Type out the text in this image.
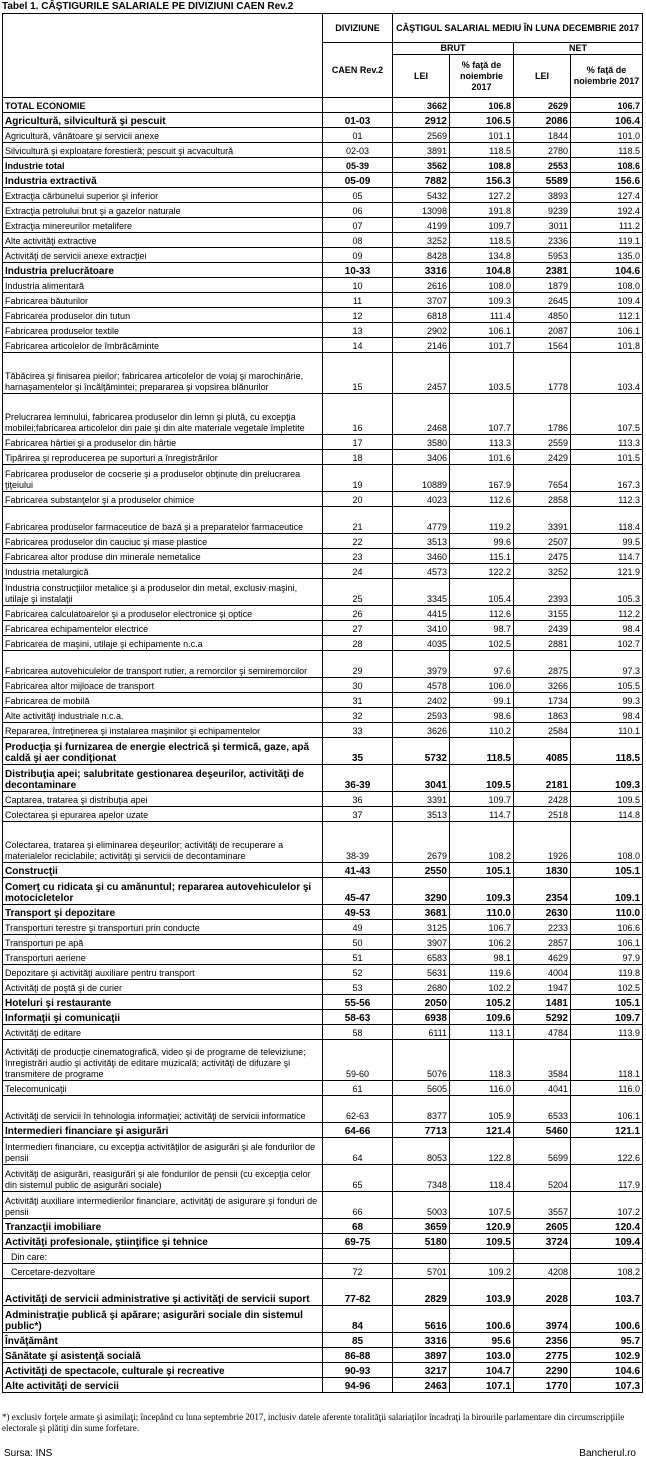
Tabel 1. CÂŞTIGURILE SALARIALE PE DIVIZIUNI CAEN Rev.2
	DIVIZIUNE	CÂŞTIGUL SALARIAL MEDIU ÎN LUNA DECEMBRIE 2017			
	CAEN Rev.2	BRUT		NET	
		LEI	% faţă de noiembrie 2017	LEI	% faţă de noiembrie 2017
TOTAL ECONOMIE		3662	106.8	2629	106.7
Agricultură, silvicultură şi pescuit	01-03	2912	106.5	2086	106.4
Agricultură, vânătoare şi servicii anexe	01	2569	101.1	1844	101.0
Silvicultură şi exploatare forestieră; pescuit şi acvacultură	02-03	3891	118.5	2780	118.5
Industrie total	05-39	3562	108.8	2553	108.6
Industria extractivă	05-09	7882	156.3	5589	156.6
Extracţia cărbunelui superior şi inferior	05	5432	127.2	3893	127.4
Extracţia petrolului brut şi a gazelor naturale	06	13098	191.8	9239	192.4
Extracţia minereurilor metalifere	07	4199	109.7	3011	111.2
Alte activităţi extractive	08	3252	118.5	2336	119.1
Activităţi de servicii anexe extracţiei	09	8428	134.8	5953	135.0
Industria prelucrătoare	10-33	3316	104.8	2381	104.6
Industria alimentară	10	2616	108.0	1879	108.0
Fabricarea băuturilor	11	3707	109.3	2645	109.4
Fabricarea produselor din tutun	12	6818	111.4	4850	112.1
Fabricarea produselor textile	13	2902	106.1	2087	106.1
Fabricarea articolelor de îmbrăcăminte	14	2146	101.7	1564	101.8
Tăbăcirea şi finisarea pieilor; fabricarea articolelor de voiaj şi marochinărie, harnaşamentelor şi încălţămintei; prepararea şi vopsirea blănurilor	15	2457	103.5	1778	103.4
Prelucrarea lemnului, fabricarea produselor din lemn şi plută, cu excepţia mobilei;fabricarea articolelor din paie şi din alte materiale vegetale împletite	16	2468	107.7	1786	107.5
Fabricarea hârtiei şi a produselor din hârtie	17	3580	113.3	2559	113.3
Tipărirea şi reproducerea pe suporturi a înregistrărilor	18	3406	101.6	2429	101.5
Fabricarea produselor de cocserie şi a produselor obţinute din prelucrarea ţiţeiului	19	10889	167.9	7654	167.3
Fabricarea substanţelor şi a produselor chimice	20	4023	112.6	2858	112.3
Fabricarea produselor farmaceutice de bază şi a preparatelor farmaceutice	21	4779	119.2	3391	118.4
Fabricarea produselor din cauciuc şi mase plastice	22	3513	99.6	2507	99.5
Fabricarea altor produse din minerale nemetalice	23	3460	115.1	2475	114.7
Industria metalurgică	24	4573	122.2	3252	121.9
Industria construcţiilor metalice şi a produselor din metal, exclusiv maşini, utilaje şi instalaţii	25	3345	105.4	2393	105.3
Fabricarea calculatoarelor şi a produselor electronice şi optice	26	4415	112.6	3155	112.2
Fabricarea echipamentelor electrice	27	3410	98.7	2439	98.4
Fabricarea de maşini, utilaje şi echipamente n.c.a	28	4035	102.5	2881	102.7
Fabricarea autovehiculelor de transport rutier, a remorcilor şi semiremorcilor	29	3979	97.6	2875	97.3
Fabricarea altor mijloace de transport	30	4578	106.0	3266	105.5
Fabricarea de mobilă	31	2402	99.1	1734	99.3
Alte activităţi industriale n.c.a.	32	2593	98.6	1863	98.4
Repararea, întreţinerea şi instalarea maşinilor şi echipamentelor	33	3626	110.2	2584	110.1
Producţia şi furnizarea de energie electrică şi termică, gaze, apă caldă şi aer condiţionat	35	5732	118.5	4085	118.5
Distribuţia apei; salubritate gestionarea deşeurilor, activităţi de decontaminare	36-39	3041	109.5	2181	109.3
Captarea, tratarea şi distribuţia apei	36	3391	109.7	2428	109.5
Colectarea şi epurarea apelor uzate	37	3513	114.7	2518	114.8
Colectarea, tratarea şi eliminarea deşeurilor; activităţi de recuperare a materialelor reciclabile; activităţi şi servicii de decontaminare	38-39	2679	108.2	1926	108.0
Construcţii	41-43	2550	105.1	1830	105.1
Comerţ cu ridicata şi cu amănuntul; repararea autovehiculelor şi motocicletelor	45-47	3290	109.3	2354	109.1
Transport şi depozitare	49-53	3681	110.0	2630	110.0
Transporturi terestre şi transporturi prin conducte	49	3125	106.7	2233	106.6
Transporturi pe apă	50	3907	106.2	2857	106.1
Transporturi aeriene	51	6583	98.1	4629	97.9
Depozitare şi activităţi auxiliare pentru transport	52	5631	119.6	4004	119.8
Activităţi de poştă şi de curier	53	2680	102.2	1947	102.5
Hoteluri şi restaurante	55-56	2050	105.2	1481	105.1
Informaţii şi comunicaţii	58-63	6938	109.6	5292	109.7
Activităţi de editare	58	6111	113.1	4784	113.9
Activităţi de producţie cinematografică, video şi de programe de televiziune; înregistrări audio şi activităţi de editare muzicală; activităţi de difuzare şi transmitere de programe	59-60	5076	118.3	3584	118.1
Telecomunicaţii	61	5605	116.0	4041	116.0
Activităţi de servicii în tehnologia informaţiei; activităţi de servicii informatice	62-63	8377	105.9	6533	106.1
Intermedieri financiare şi asigurări	64-66	7713	121.4	5460	121.1
Intermedieri financiare, cu excepţia activităţilor de asigurări şi ale fondurilor de pensii	64	8053	122.8	5699	122.6
Activităţi de asigurări, reasigurări şi ale fondurilor de pensii (cu excepţia celor din sistemul public de asigurări sociale)	65	7348	118.4	5204	117.9
Activităţi auxiliare intermedierilor financiare, activităţi de asigurare şi fonduri de pensii	66	5003	107.5	3557	107.2
Tranzacţii imobiliare	68	3659	120.9	2605	120.4
Activităţi profesionale, ştiinţifice şi tehnice	69-75	5180	109.5	3724	109.4
Din care:					
Cercetare-dezvoltare	72	5701	109.2	4208	108.2
Activităţi de servicii administrative şi activităţi de servicii suport	77-82	2829	103.9	2028	103.7
Administraţie publică şi apărare; asigurări sociale din sistemul public*)	84	5616	100.6	3974	100.6
Învăţământ	85	3316	95.6	2356	95.7
Sănătate şi asistenţă socială	86-88	3897	103.0	2775	102.9
Activităţi de spectacole, culturale şi recreative	90-93	3217	104.7	2290	104.6
Alte activităţi de servicii	94-96	2463	107.1	1770	107.3
*) exclusiv forţele armate şi asimilaţi; începând cu luna septembrie 2017, inclusiv datele aferente totalităţii salariaţilor încadraţi la birourile parlamentare din circumscripţiile electorale şi plătiţi din sume forfetare.
Sursa: INS	Bancherul.ro
